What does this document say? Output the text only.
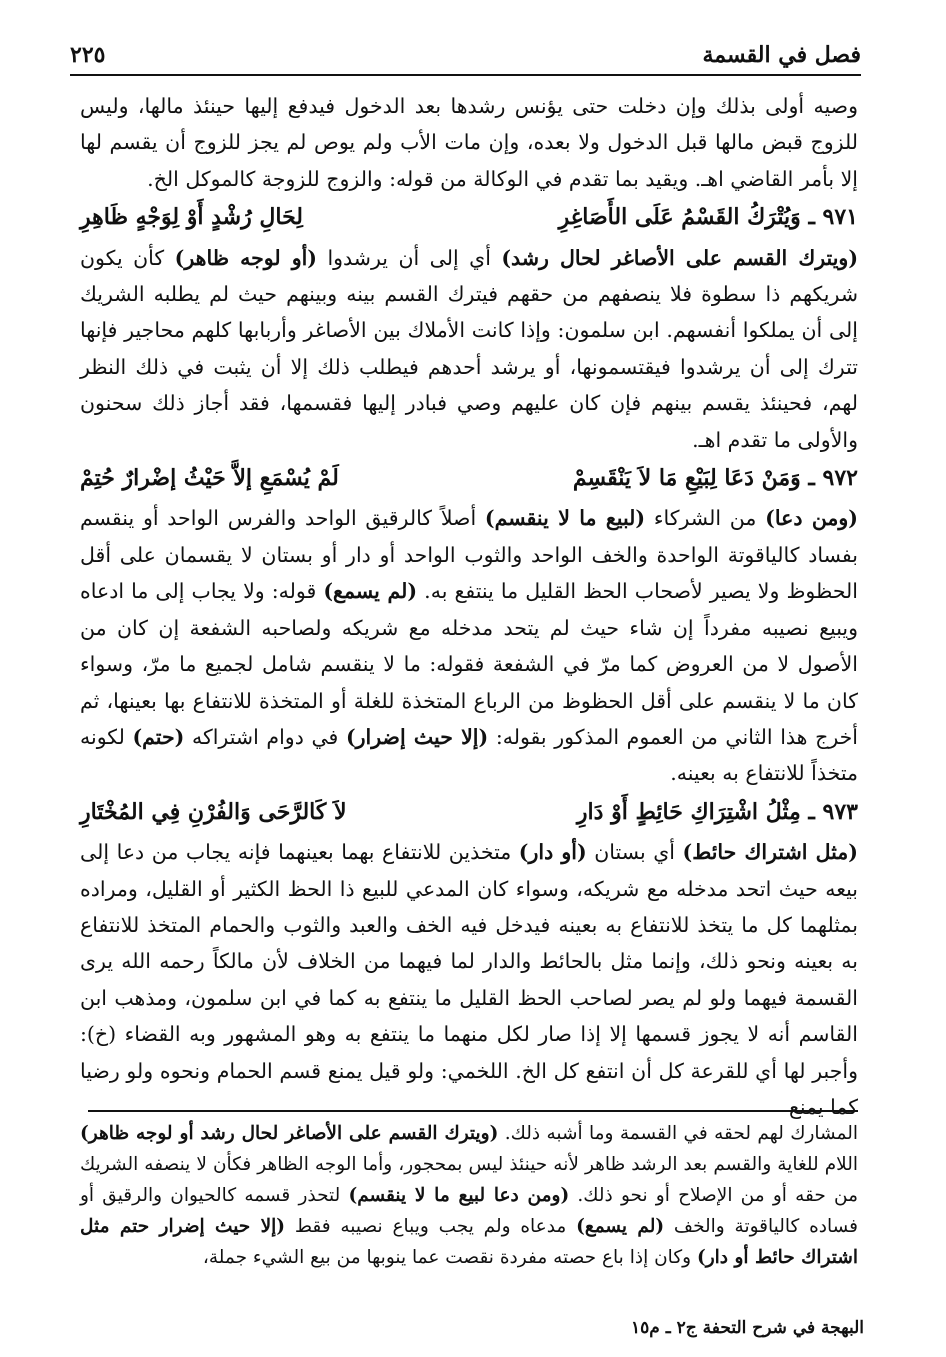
فصل في القسمة
٢٢٥

وصيه أولى بذلك وإن دخلت حتى يؤنس رشدها بعد الدخول فيدفع إليها حينئذ مالها، وليس للزوج قبض مالها قبل الدخول ولا بعده، وإن مات الأب ولم يوص لم يجز للزوج أن يقسم لها إلا بأمر القاضي اهـ. ويقيد بما تقدم في الوكالة من قوله: والزوج للزوجة كالموكل الخ.

٩٧١ ـ وَيُتْرَكُ القَسْمُ عَلَى الأَصَاغِرِ
لِحَالِ رُشْدٍ أَوْ لِوَجْهٍ ظَاهِرِ

(ويترك القسم على الأصاغر لحال رشد) أي إلى أن يرشدوا (أو لوجه ظاهر) كأن يكون شريكهم ذا سطوة فلا ينصفهم من حقهم فيترك القسم بينه وبينهم حيث لم يطلبه الشريك إلى أن يملكوا أنفسهم. ابن سلمون: وإذا كانت الأملاك بين الأصاغر وأربابها كلهم محاجير فإنها تترك إلى أن يرشدوا فيقتسمونها، أو يرشد أحدهم فيطلب ذلك إلا أن يثبت في ذلك النظر لهم، فحينئذ يقسم بينهم فإن كان عليهم وصي فبادر إليها فقسمها، فقد أجاز ذلك سحنون والأولى ما تقدم اهـ.

٩٧٢ ـ وَمَنْ دَعَا لِبَيْعِ مَا لاَ يَنْقَسِمْ
لَمْ يُسْمَعِ إلاَّ حَيْثُ إضْرارٌ حُتِمْ

(ومن دعا) من الشركاء (لبيع ما لا ينقسم) أصلاً كالرقيق الواحد والفرس الواحد أو ينقسم بفساد كالياقوتة الواحدة والخف الواحد والثوب الواحد أو دار أو بستان لا يقسمان على أقل الحظوظ ولا يصير لأصحاب الحظ القليل ما ينتفع به. (لم يسمع) قوله: ولا يجاب إلى ما ادعاه ويبيع نصيبه مفرداً إن شاء حيث لم يتحد مدخله مع شريكه ولصاحبه الشفعة إن كان من الأصول لا من العروض كما مرّ في الشفعة فقوله: ما لا ينقسم شامل لجميع ما مرّ، وسواء كان ما لا ينقسم على أقل الحظوظ من الرباع المتخذة للغلة أو المتخذة للانتفاع بها بعينها، ثم أخرج هذا الثاني من العموم المذكور بقوله: (إلا حيث إضرار) في دوام اشتراكه (حتم) لكونه متخذاً للانتفاع به بعينه.

٩٧٣ ـ مِثْلُ اشْتِرَاكِ حَائِطٍ أَوْ دَارِ
لاَ كَالرَّحَى وَالفُرْنِ فِي المُخْتَارِ

(مثل اشتراك حائط) أي بستان (أو دار) متخذين للانتفاع بهما بعينهما فإنه يجاب من دعا إلى بيعه حيث اتحد مدخله مع شريكه، وسواء كان المدعي للبيع ذا الحظ الكثير أو القليل، ومراده بمثلهما كل ما يتخذ للانتفاع به بعينه فيدخل فيه الخف والعبد والثوب والحمام المتخذ للانتفاع به بعينه ونحو ذلك، وإنما مثل بالحائط والدار لما فيهما من الخلاف لأن مالكاً رحمه الله يرى القسمة فيهما ولو لم يصر لصاحب الحظ القليل ما ينتفع به كما في ابن سلمون، ومذهب ابن القاسم أنه لا يجوز قسمها إلا إذا صار لكل منهما ما ينتفع به وهو المشهور وبه القضاء (خ): وأجبر لها أي للقرعة كل أن انتفع كل الخ. اللخمي: ولو قيل يمنع قسم الحمام ونحوه ولو رضيا كما يمنع

المشارك لهم لحقه في القسمة وما أشبه ذلك. (ويترك القسم على الأصاغر لحال رشد أو لوجه ظاهر) اللام للغاية والقسم بعد الرشد ظاهر لأنه حينئذ ليس بمحجور، وأما الوجه الظاهر فكأن لا ينصفه الشريك من حقه أو من الإصلاح أو نحو ذلك. (ومن دعا لبيع ما لا ينقسم) لتحذر قسمه كالحيوان والرقيق أو فساده كالياقوتة والخف (لم يسمع) مدعاه ولم يجب ويباع نصيبه فقط (إلا حيث إضرار حتم مثل اشتراك حائط أو دار) وكان إذا باع حصته مفردة نقصت عما ينوبها من بيع الشيء جملة،

البهجة في شرح التحفة ج٢ ـ م١٥
